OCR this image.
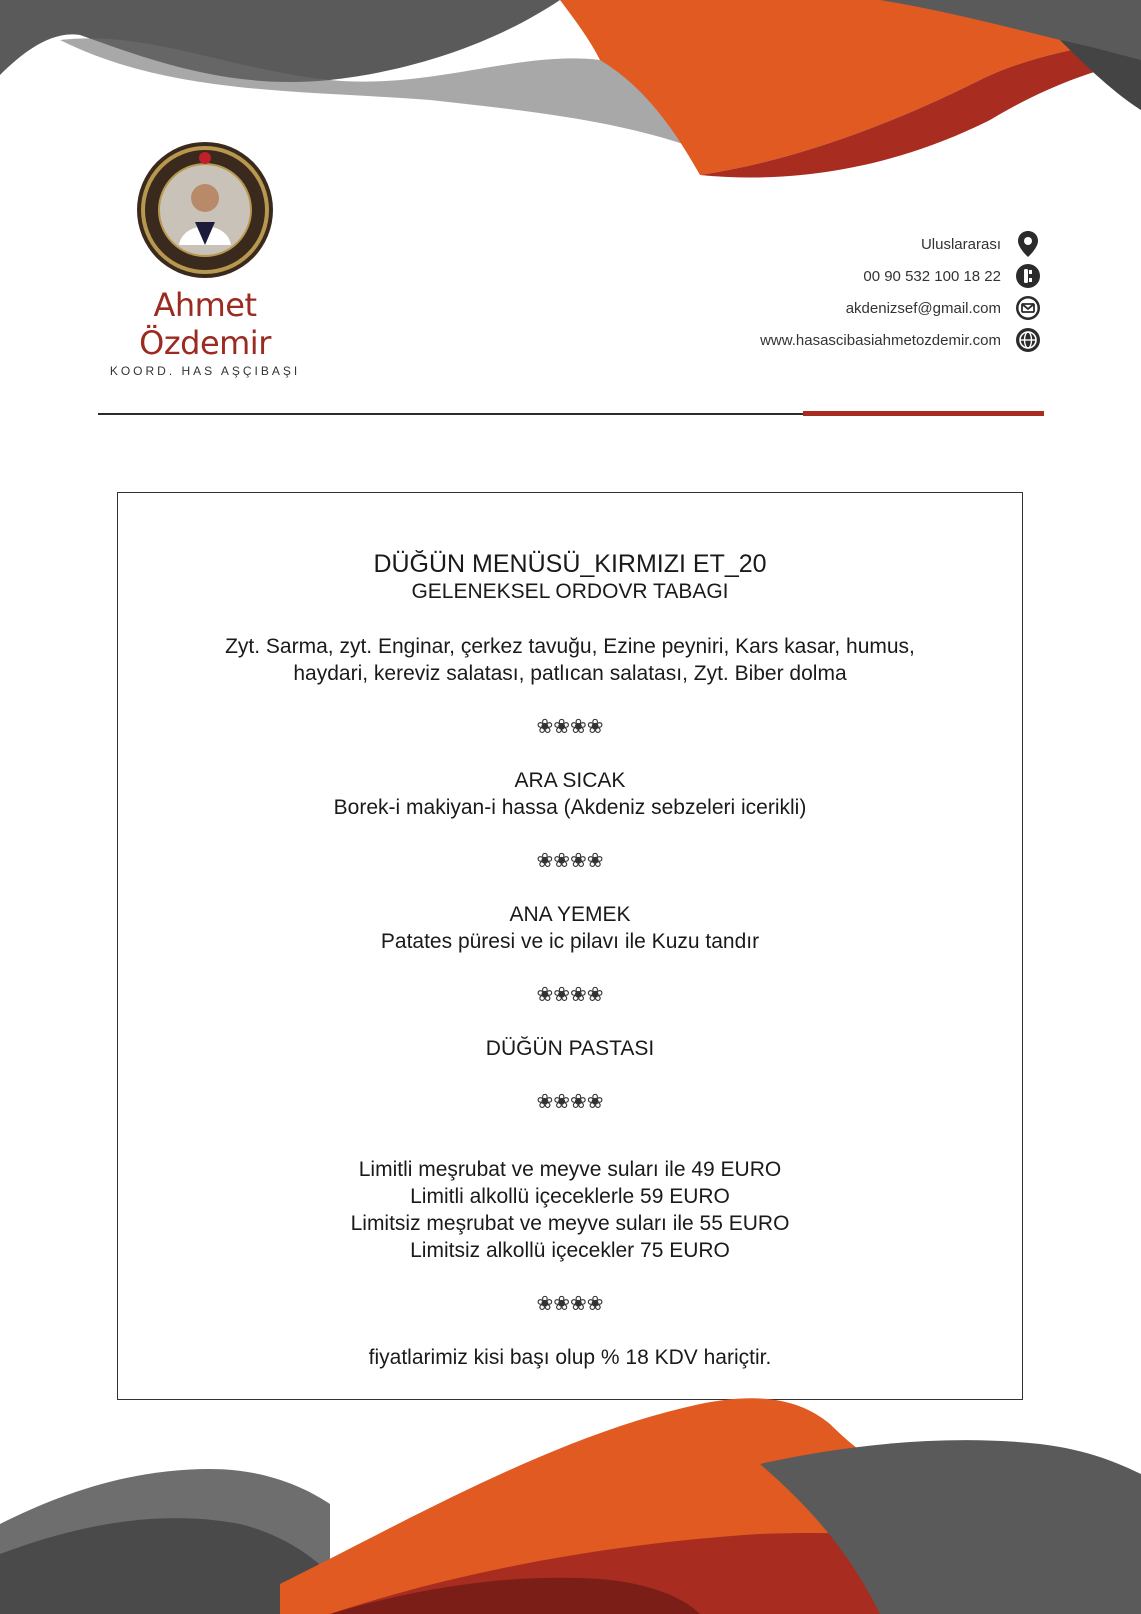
Ahmet Özdemir
KOORD. HAS AŞÇIBAŞI
Uluslararası
00 90 532 100 18 22
akdenizsef@gmail.com
www.hasascibasiahmetozdemir.com
DÜĞÜN MENÜSÜ_KIRMIZI ET_20
GELENEKSEL ORDOVR TABAGI
Zyt. Sarma, zyt. Enginar, çerkez tavuğu, Ezine peyniri, Kars kasar, humus,
haydari, kereviz salatası, patlıcan salatası, Zyt. Biber dolma
❀❀❀❀
ARA SICAK
Borek-i makiyan-i hassa (Akdeniz sebzeleri icerikli)
❀❀❀❀
ANA YEMEK
Patates püresi ve ic pilavı ile Kuzu tandır
❀❀❀❀
DÜĞÜN PASTASI
❀❀❀❀
Limitli meşrubat ve meyve suları ile 49 EURO
Limitli alkollü içeceklerle 59 EURO
Limitsiz meşrubat ve meyve suları ile 55 EURO
Limitsiz alkollü içecekler 75 EURO
❀❀❀❀
fiyatlarimiz kisi başı olup % 18 KDV hariçtir.
